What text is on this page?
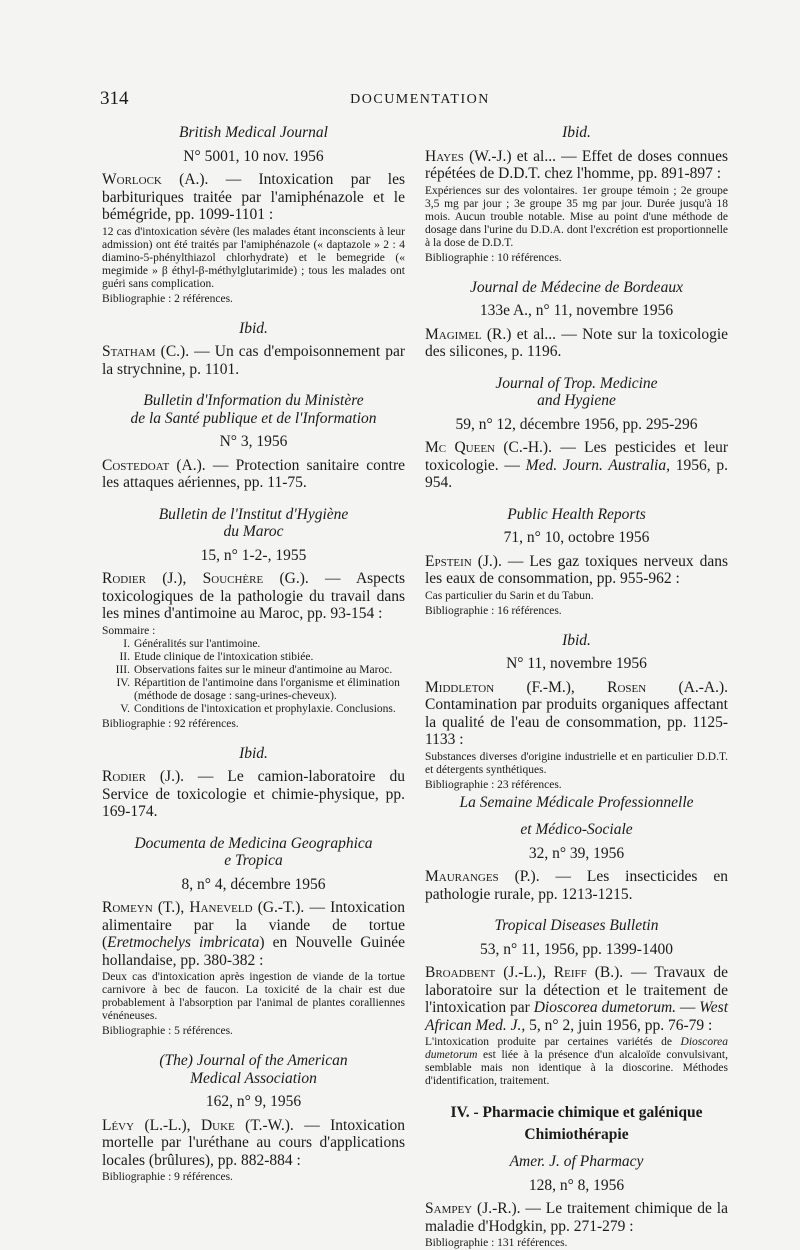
314	DOCUMENTATION

British Medical Journal

N° 5001, 10 nov. 1956

Worlock (A.). — Intoxication par les barbituriques traitée par l'amiphénazole et le bémégride, pp. 1099-1101 :

12 cas d'intoxication sévère (les malades étant inconscients à leur admission) ont été traités par l'amiphénazole (« daptazole » 2 : 4 diamino-5-phénylthiazol chlorhydrate) et le bemegride (« megimide » β éthyl-β-méthylglutarimide) ; tous les malades ont guéri sans complication.

Bibliographie : 2 références.

Ibid.

Statham (C.). — Un cas d'empoisonnement par la strychnine, p. 1101.

Bulletin d'Information du Ministère

de la Santé publique et de l'Information

N° 3, 1956

Costedoat (A.). — Protection sanitaire contre les attaques aériennes, pp. 11-75.

Bulletin de l'Institut d'Hygiène

du Maroc

15, n° 1-2-, 1955

Rodier (J.), Souchère (G.). — Aspects toxicologiques de la pathologie du travail dans les mines d'antimoine au Maroc, pp. 93-154 :

Sommaire :

I. Généralités sur l'antimoine.
II. Etude clinique de l'intoxication stibiée.
III. Observations faites sur le mineur d'antimoine au Maroc.
IV. Répartition de l'antimoine dans l'organisme et élimination (méthode de dosage : sang-urines-cheveux).
V. Conditions de l'intoxication et prophylaxie. Conclusions.

Bibliographie : 92 références.

Ibid.

Rodier (J.). — Le camion-laboratoire du Service de toxicologie et chimie-physique, pp. 169-174.

Documenta de Medicina Geographica

e Tropica

8, n° 4, décembre 1956

Romeyn (T.), Haneveld (G.-T.). — Intoxication alimentaire par la viande de tortue (Eretmochelys imbricata) en Nouvelle Guinée hollandaise, pp. 380-382 :

Deux cas d'intoxication après ingestion de viande de la tortue carnivore à bec de faucon. La toxicité de la chair est due probablement à l'absorption par l'animal de plantes coralliennes vénéneuses.

Bibliographie : 5 références.

(The) Journal of the American

Medical Association

162, n° 9, 1956

Lévy (L.-L.), Duke (T.-W.). — Intoxication mortelle par l'uréthane au cours d'applications locales (brûlures), pp. 882-884 :

Bibliographie : 9 références.

Ibid.

Hayes (W.-J.) et al... — Effet de doses connues répétées de D.D.T. chez l'homme, pp. 891-897 :

Expériences sur des volontaires. 1er groupe témoin ; 2e groupe 3,5 mg par jour ; 3e groupe 35 mg par jour. Durée jusqu'à 18 mois. Aucun trouble notable. Mise au point d'une méthode de dosage dans l'urine du D.D.A. dont l'excrétion est proportionnelle à la dose de D.D.T.

Bibliographie : 10 références.

Journal de Médecine de Bordeaux

133e A., n° 11, novembre 1956

Magimel (R.) et al... — Note sur la toxicologie des silicones, p. 1196.

Journal of Trop. Medicine

and Hygiene

59, n° 12, décembre 1956, pp. 295-296

Mc Queen (C.-H.). — Les pesticides et leur toxicologie. — Med. Journ. Australia, 1956, p. 954.

Public Health Reports

71, n° 10, octobre 1956

Epstein (J.). — Les gaz toxiques nerveux dans les eaux de consommation, pp. 955-962 :

Cas particulier du Sarin et du Tabun.

Bibliographie : 16 références.

Ibid.

N° 11, novembre 1956

Middleton (F.-M.), Rosen (A.-A.). Contamination par produits organiques affectant la qualité de l'eau de consommation, pp. 1125-1133 :

Substances diverses d'origine industrielle et en particulier D.D.T. et détergents synthétiques.

Bibliographie : 23 références.

La Semaine Médicale Professionnelle

et Médico-Sociale

32, n° 39, 1956

Mauranges (P.). — Les insecticides en pathologie rurale, pp. 1213-1215.

Tropical Diseases Bulletin

53, n° 11, 1956, pp. 1399-1400

Broadbent (J.-L.), Reiff (B.). — Travaux de laboratoire sur la détection et le traitement de l'intoxication par Dioscorea dumetorum. — West African Med. J., 5, n° 2, juin 1956, pp. 76-79 :

L'intoxication produite par certaines variétés de Dioscorea dumetorum est liée à la présence d'un alcaloïde convulsivant, semblable mais non identique à la dioscorine. Méthodes d'identification, traitement.

IV. - Pharmacie chimique et galénique

Chimiothérapie

Amer. J. of Pharmacy

128, n° 8, 1956

Sampey (J.-R.). — Le traitement chimique de la maladie d'Hodgkin, pp. 271-279 :

Bibliographie : 131 références.
